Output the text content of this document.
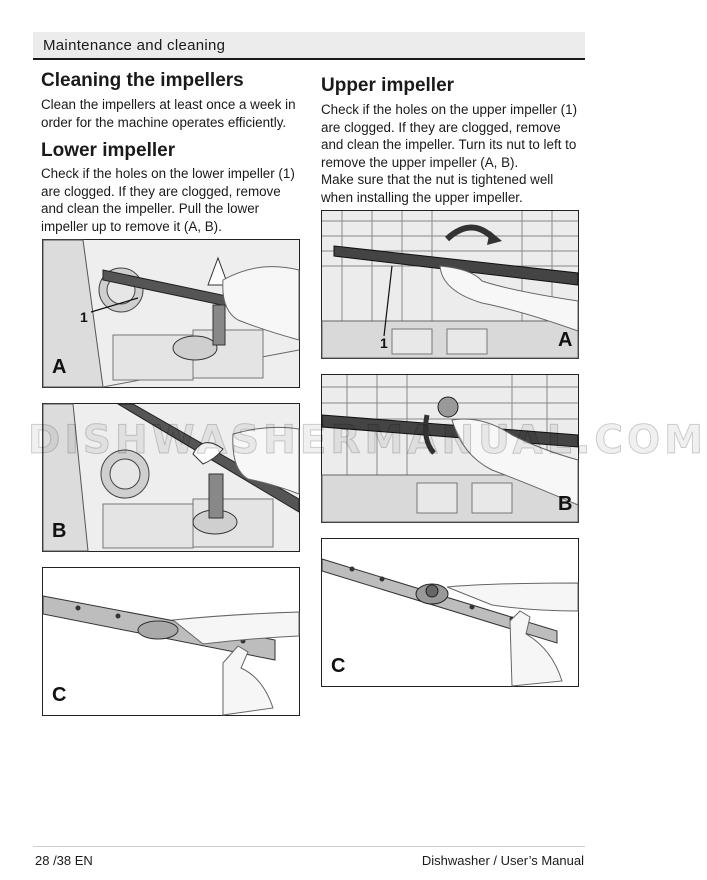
Maintenance and cleaning
Cleaning the impellers

Clean the impellers at least once a week in order for the machine operates efficiently.

Lower impeller

Check if the holes on the lower impeller (1) are clogged. If they are clogged, remove and clean the impeller. Pull the lower impeller up to remove it (A, B).

1
A
B
C
Upper impeller

Check if the holes on the upper impeller (1) are clogged. If they are clogged, remove and clean the impeller. Turn its nut to left to remove the upper impeller (A, B).

Make sure that the nut is tightened well when installing the upper impeller.

1	A
B
C
28 /38 EN	Dishwasher / User’s Manual
